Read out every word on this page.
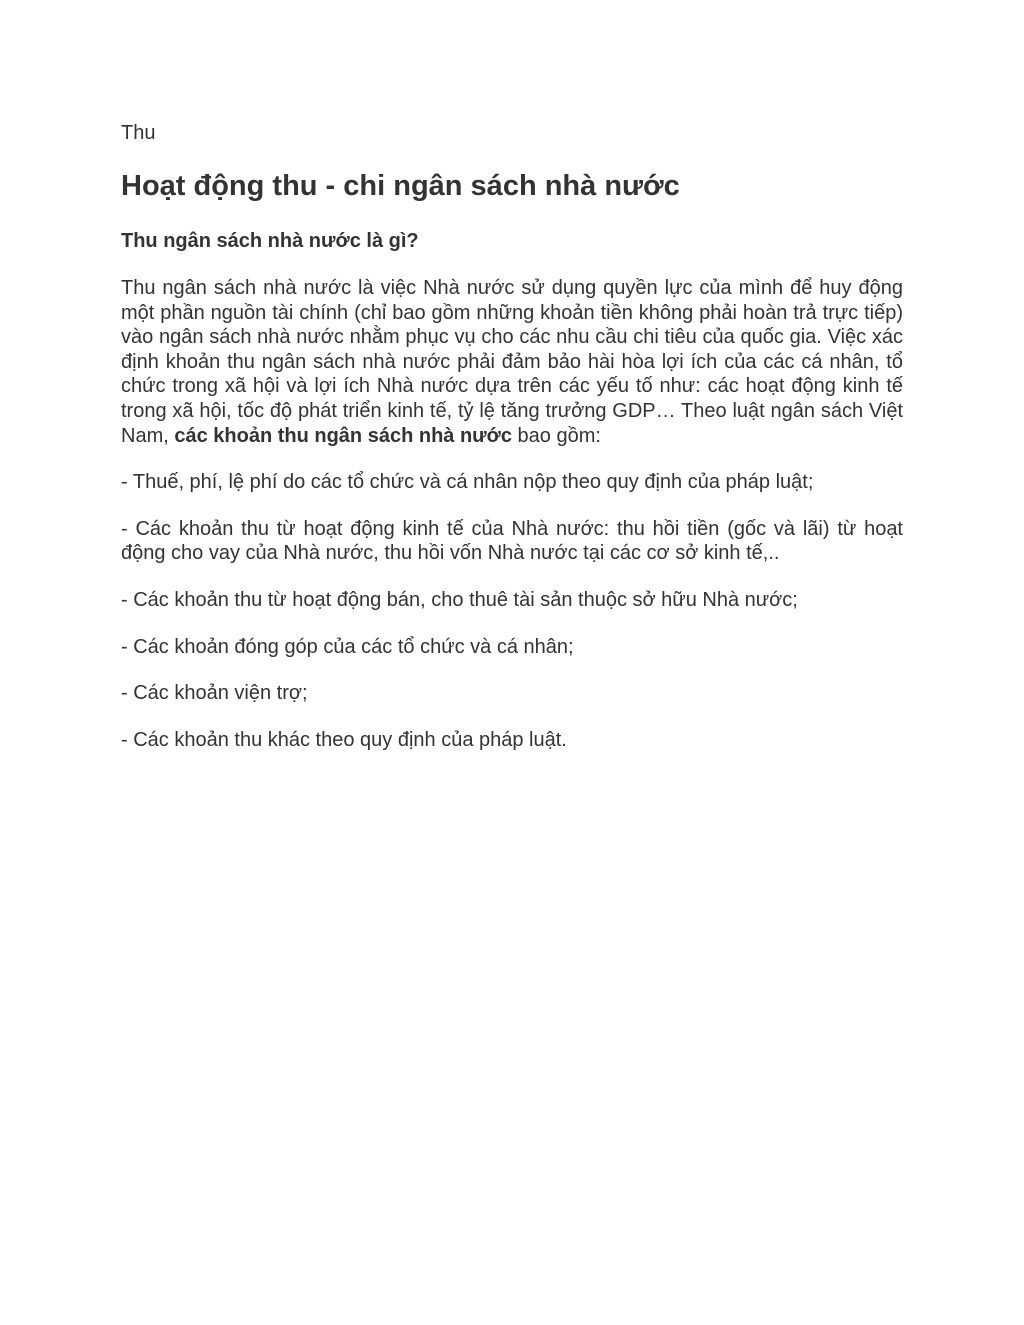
Thu

Hoạt động thu - chi ngân sách nhà nước
Thu ngân sách nhà nước là gì?

Thu ngân sách nhà nước là việc Nhà nước sử dụng quyền lực của mình để huy động một phần nguồn tài chính (chỉ bao gồm những khoản tiền không phải hoàn trả trực tiếp) vào ngân sách nhà nước nhằm phục vụ cho các nhu cầu chi tiêu của quốc gia. Việc xác định khoản thu ngân sách nhà nước phải đảm bảo hài hòa lợi ích của các cá nhân, tổ chức trong xã hội và lợi ích Nhà nước dựa trên các yếu tố như: các hoạt động kinh tế trong xã hội, tốc độ phát triển kinh tế, tỷ lệ tăng trưởng GDP… Theo luật ngân sách Việt Nam, các khoản thu ngân sách nhà nước bao gồm:

- Thuế, phí, lệ phí do các tổ chức và cá nhân nộp theo quy định của pháp luật;

- Các khoản thu từ hoạt động kinh tế của Nhà nước: thu hồi tiền (gốc và lãi) từ hoạt động cho vay của Nhà nước, thu hồi vốn Nhà nước tại các cơ sở kinh tế,..

- Các khoản thu từ hoạt động bán, cho thuê tài sản thuộc sở hữu Nhà nước;

- Các khoản đóng góp của các tổ chức và cá nhân;

- Các khoản viện trợ;

- Các khoản thu khác theo quy định của pháp luật.
